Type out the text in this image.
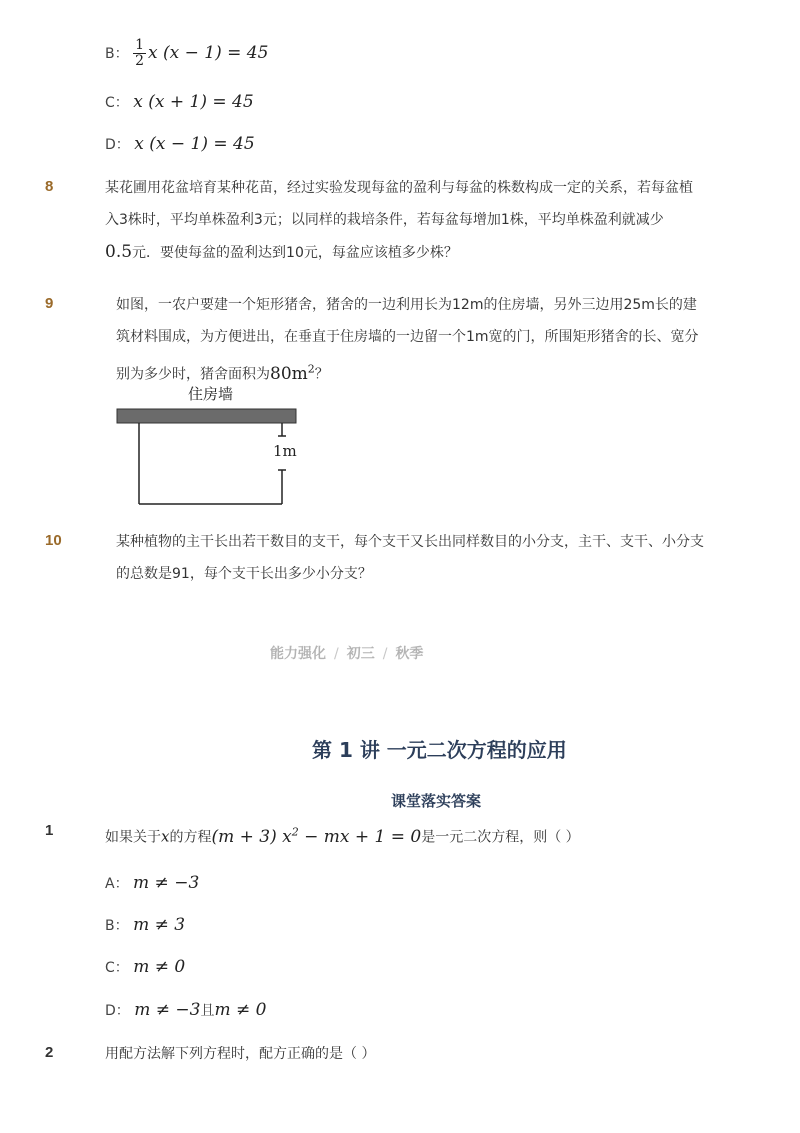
B： $\frac{1}{2}$ x (x − 1) = 45
C： x (x + 1) = 45
D： x (x − 1) = 45
8	某花圃用花盆培育某种花苗，经过实验发现每盆的盈利与每盆的株数构成一定的关系，若每盆植
入3株时，平均单株盈利3元；以同样的栽培条件，若每盆每增加1株，平均单株盈利就减少
0.5元．要使每盆的盈利达到10元，每盆应该植多少株？
9	如图，一农户要建一个矩形猪舍，猪舍的一边利用长为12m的住房墙，另外三边用25m长的建
筑材料围成，为方便进出，在垂直于住房墙的一边留一个1m宽的门，所围矩形猪舍的长、宽分
别为多少时，猪舍面积为$80m^2$？
住房墙
1m
10	某种植物的主干长出若干数目的支干，每个支干又长出同样数目的小分支，主干、支干、小分支
的总数是91，每个支干长出多少小分支？
能力强化 / 初三 / 秋季
第 1 讲 一元二次方程的应用
课堂落实答案
1	如果关于x的方程(m + 3) $x^2$ − mx + 1 = 0是一元二次方程，则（ ）
A： m ≠ −3
B： m ≠ 3
C： m ≠ 0
D： m ≠ −3且m ≠ 0
2	用配方法解下列方程时，配方正确的是（ ）
